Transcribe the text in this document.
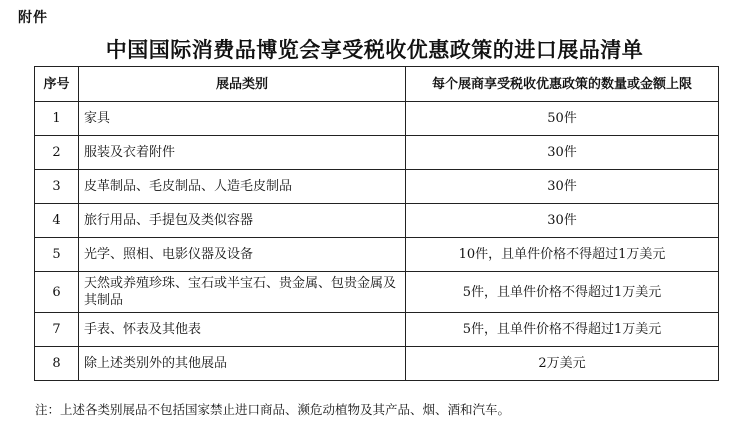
附件
中国国际消费品博览会享受税收优惠政策的进口展品清单
序号	展品类别	每个展商享受税收优惠政策的数量或金额上限
1	家具	50件
2	服装及衣着附件	30件
3	皮革制品、毛皮制品、人造毛皮制品	30件
4	旅行用品、手提包及类似容器	30件
5	光学、照相、电影仪器及设备	10件，且单件价格不得超过1万美元
6	天然或养殖珍珠、宝石或半宝石、贵金属、包贵金属及其制品	5件，且单件价格不得超过1万美元
7	手表、怀表及其他表	5件，且单件价格不得超过1万美元
8	除上述类别外的其他展品	2万美元
注：上述各类别展品不包括国家禁止进口商品、濒危动植物及其产品、烟、酒和汽车。
